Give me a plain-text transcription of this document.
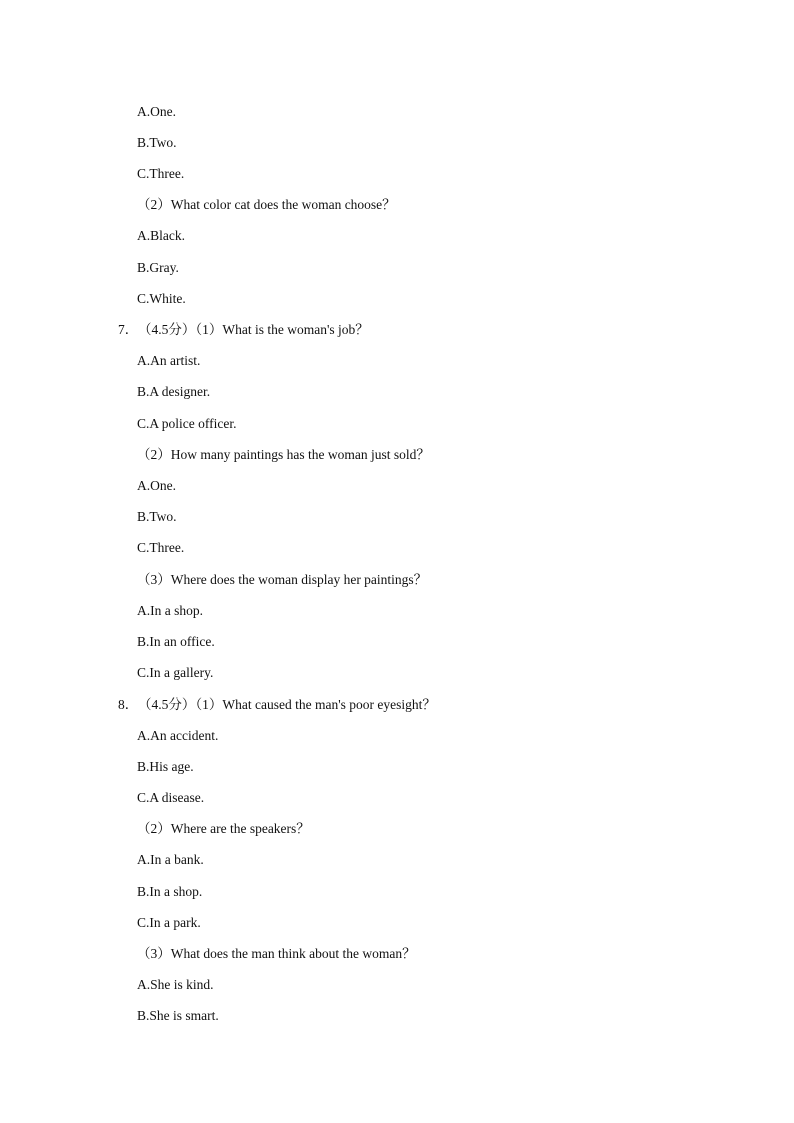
A.One.
B.Two.
C.Three.
（2）What color cat does the woman choose？
A.Black.
B.Gray.
C.White.
7．（4.5分）（1）What is the woman's job？
A.An artist.
B.A designer.
C.A police officer.
（2）How many paintings has the woman just sold？
A.One.
B.Two.
C.Three.
（3）Where does the woman display her paintings？
A.In a shop.
B.In an office.
C.In a gallery.
8．（4.5分）（1）What caused the man's poor eyesight？
A.An accident.
B.His age.
C.A disease.
（2）Where are the speakers？
A.In a bank.
B.In a shop.
C.In a park.
（3）What does the man think about the woman？
A.She is kind.
B.She is smart.
